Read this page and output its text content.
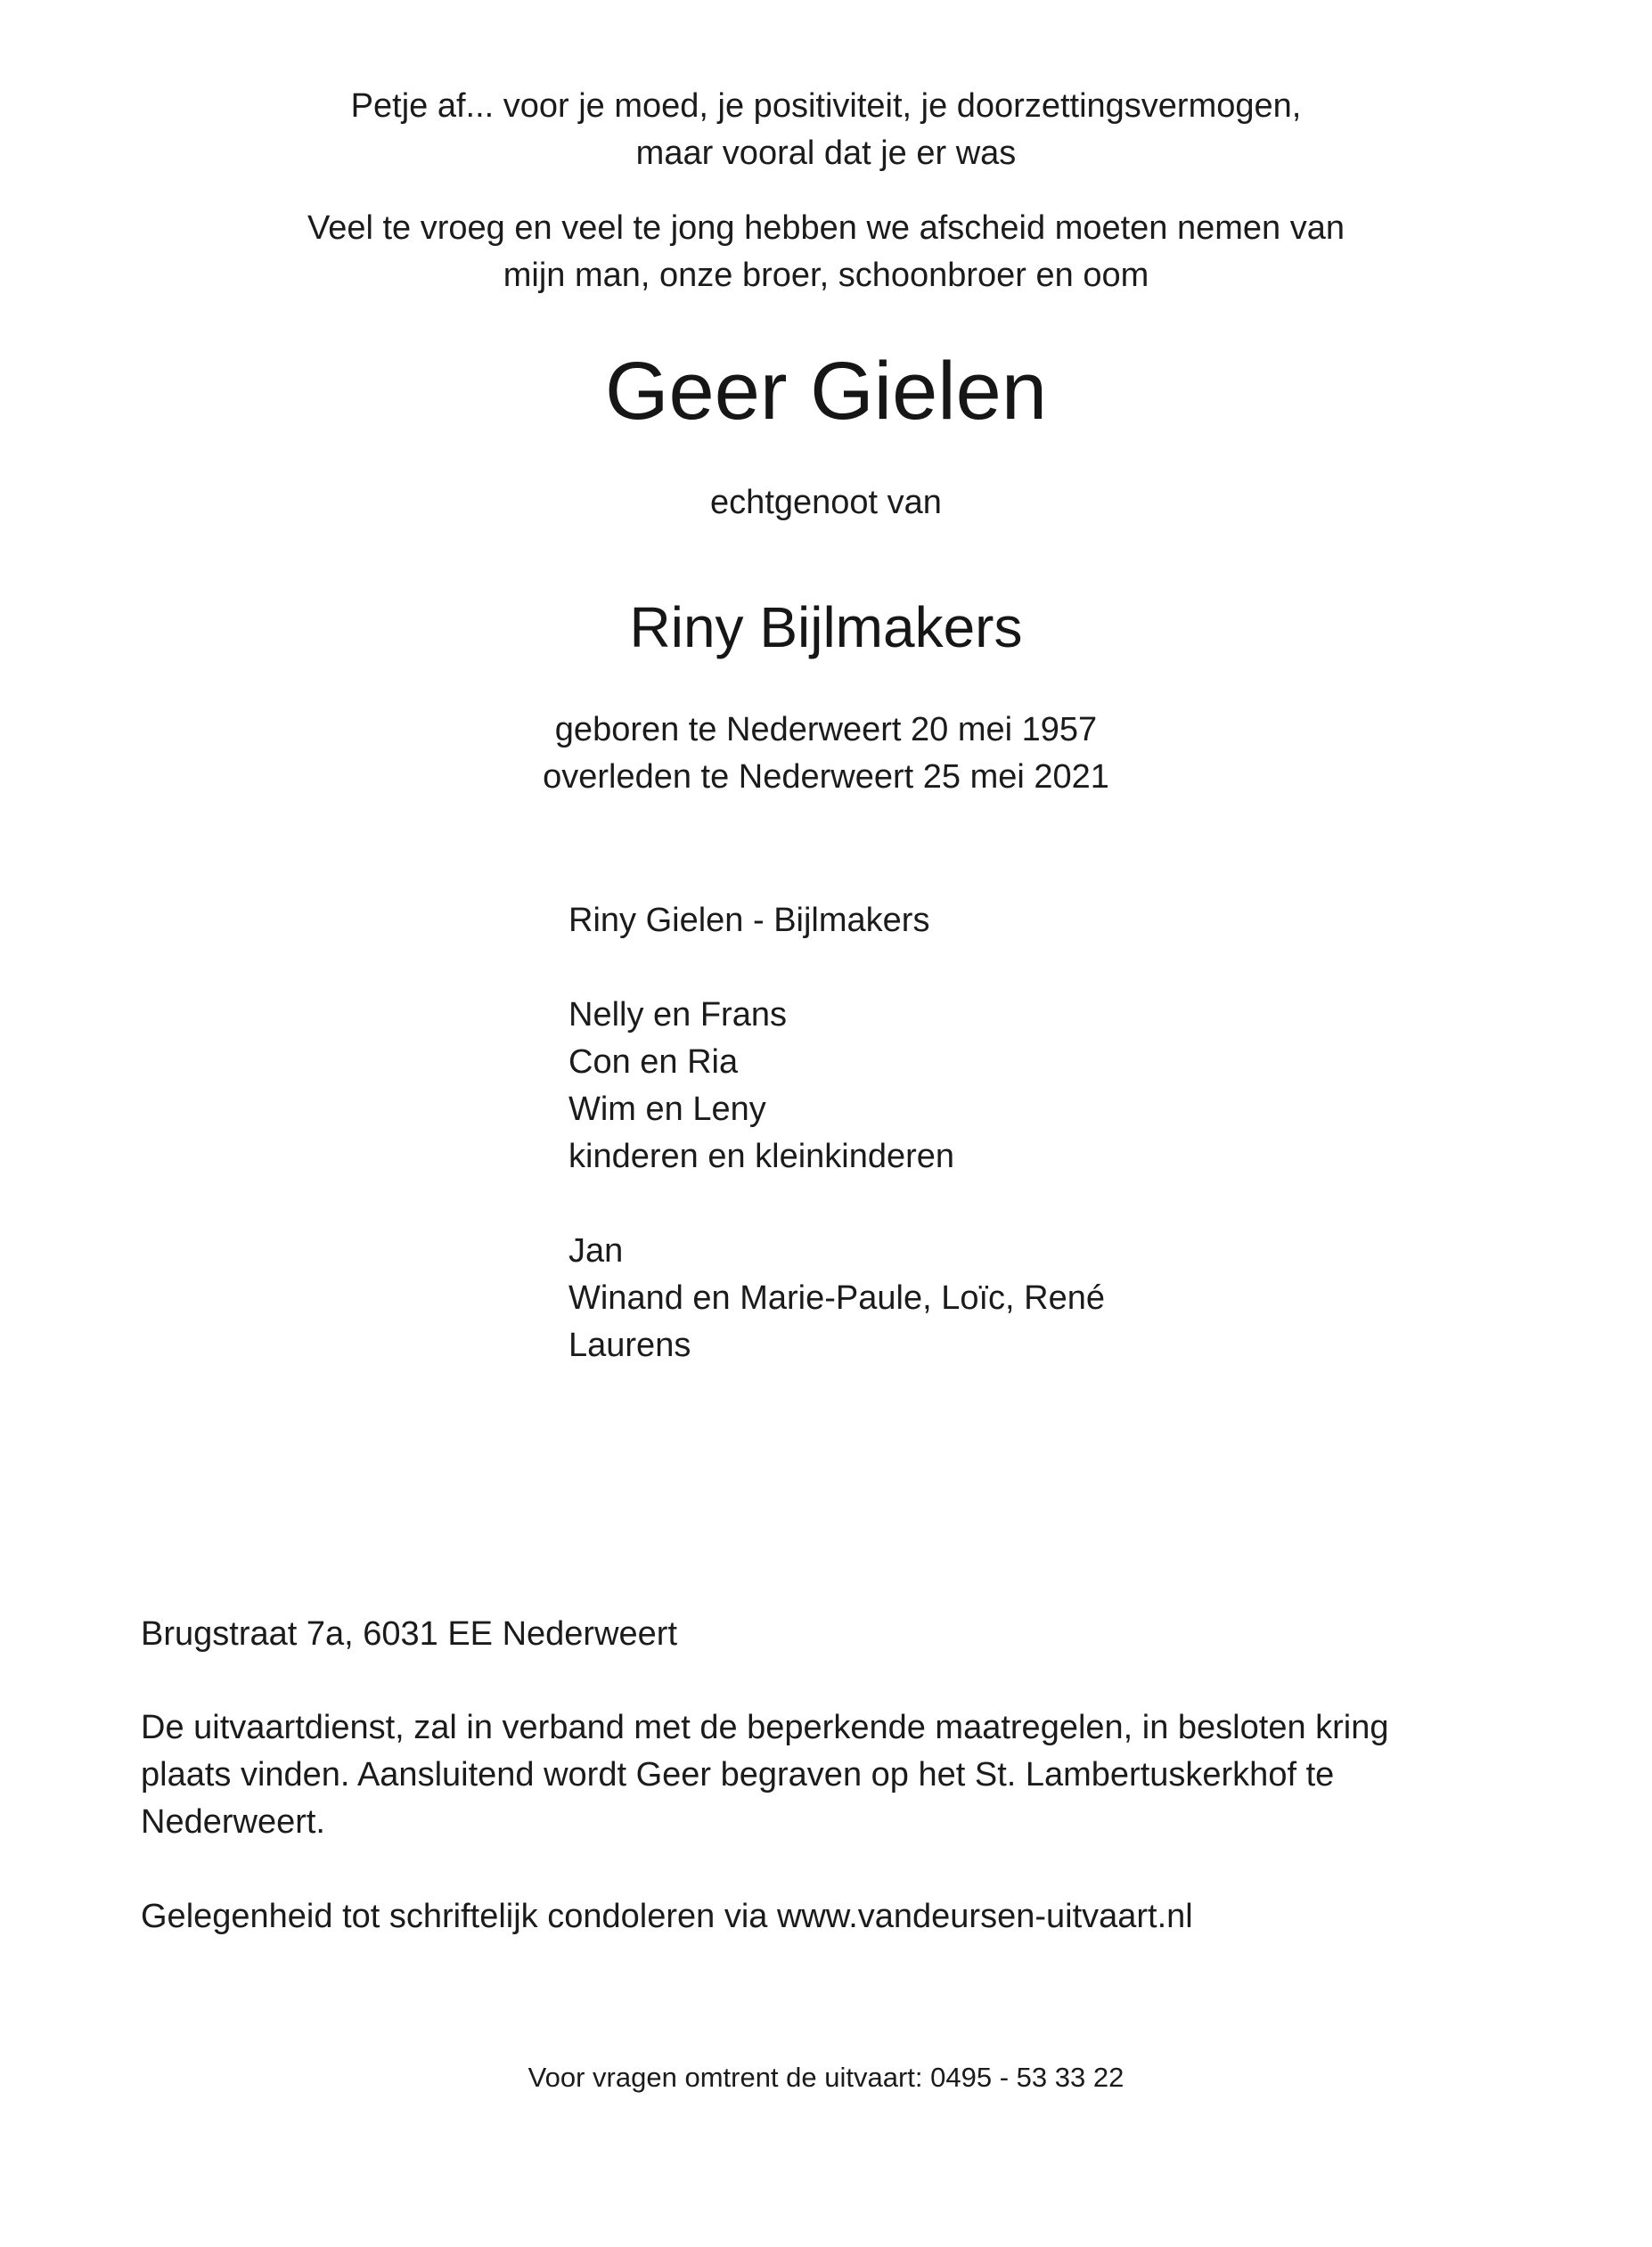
Petje af... voor je moed, je positiviteit, je doorzettingsvermogen,
maar vooral dat je er was
Veel te vroeg en veel te jong hebben we afscheid moeten nemen van
mijn man, onze broer, schoonbroer en oom
Geer Gielen
echtgenoot van
Riny Bijlmakers
geboren te Nederweert 20 mei 1957
overleden te Nederweert 25 mei 2021
Riny Gielen - Bijlmakers
Nelly en Frans
Con en Ria
Wim en Leny
kinderen en kleinkinderen
Jan
Winand en Marie-Paule, Loïc, René
Laurens
Brugstraat 7a, 6031 EE Nederweert
De uitvaartdienst, zal in verband met de beperkende maatregelen, in besloten kring
plaats vinden. Aansluitend wordt Geer begraven op het St. Lambertuskerkhof te
Nederweert.
Gelegenheid tot schriftelijk condoleren via www.vandeursen-uitvaart.nl
Voor vragen omtrent de uitvaart: 0495 - 53 33 22
